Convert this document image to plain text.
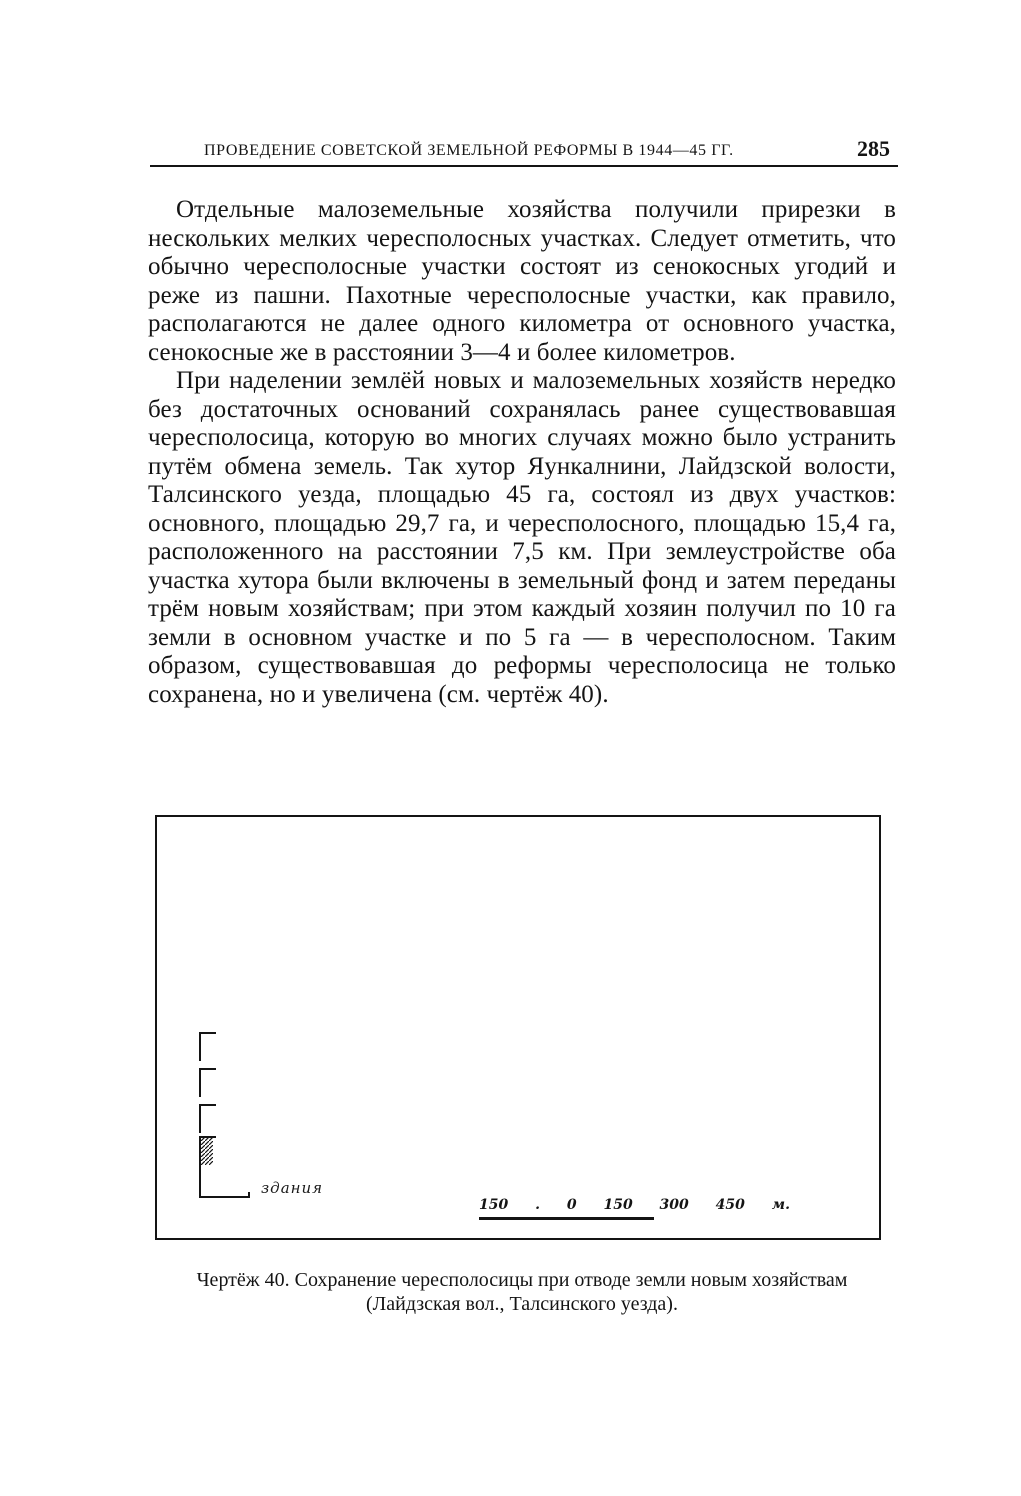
ПРОВЕДЕНИЕ СОВЕТСКОЙ ЗЕМЕЛЬНОЙ РЕФОРМЫ В 1944—45 ГГ.	285

Отдельные малоземельные хозяйства получили прирезки в нескольких мелких чересполосных участках. Следует отметить, что обычно чересполосные участки состоят из сенокосных угодий и реже из пашни. Пахотные чересполосные участки, как правило, располагаются не далее одного километра от основного участка, сенокосные же в расстоянии 3—4 и более километров.

При наделении землёй новых и малоземельных хозяйств нередко без достаточных оснований сохранялась ранее существовавшая чересполосица, которую во многих случаях можно было устранить путём обмена земель. Так хутор Яункалнини, Лайдзской волости, Талсинского уезда, площадью 45 га, состоял из двух участков: основного, площадью 29,7 га, и чересполосного, площадью 15,4 га, расположенного на расстоянии 7,5 км. При землеустройстве оба участка хутора были включены в земельный фонд и затем переданы трём новым хозяйствам; при этом каждый хозяин получил по 10 га земли в основном участке и по 5 га — в чересполосном. Таким образом, существовавшая до реформы чересполосица не только сохранена, но и увеличена (см. чертёж 40).

здания
150 . 0 150 300 450 м.
Чертёж 40. Сохранение чересполосицы при отводе земли новым хозяйствам (Лайдзская вол., Талсинского уезда).
